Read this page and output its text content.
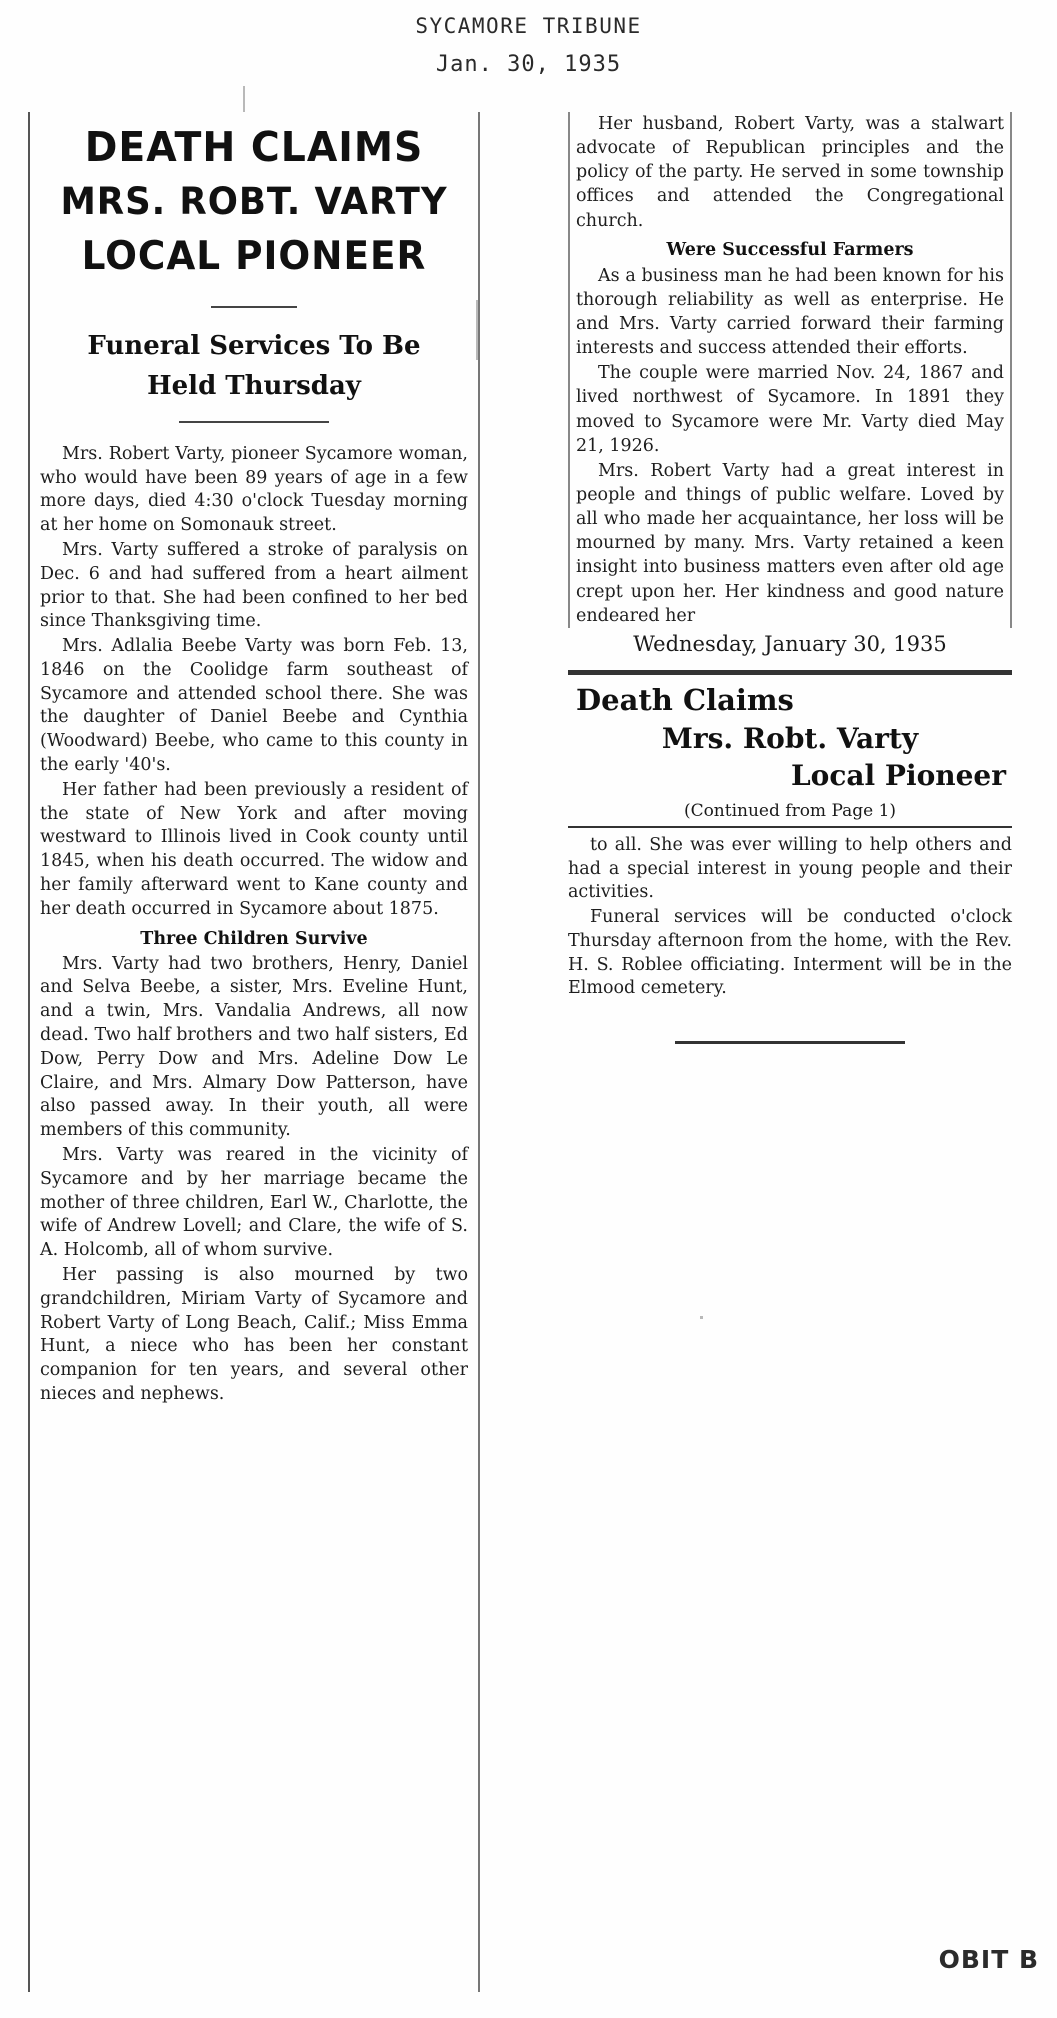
SYCAMORE TRIBUNE
Jan. 30, 1935
DEATH CLAIMS
MRS. ROBT. VARTY
LOCAL PIONEER
Funeral Services To Be
Held Thursday

Mrs. Robert Varty, pioneer Sycamore woman, who would have been 89 years of age in a few more days, died 4:30 o'clock Tuesday morning at her home on Somonauk street.

Mrs. Varty suffered a stroke of paralysis on Dec. 6 and had suffered from a heart ailment prior to that. She had been confined to her bed since Thanksgiving time.

Mrs. Adlalia Beebe Varty was born Feb. 13, 1846 on the Coolidge farm southeast of Sycamore and attended school there. She was the daughter of Daniel Beebe and Cynthia (Woodward) Beebe, who came to this county in the early '40's.

Her father had been previously a resident of the state of New York and after moving westward to Illinois lived in Cook county until 1845, when his death occurred. The widow and her family afterward went to Kane county and her death occurred in Sycamore about 1875.

Three Children Survive

Mrs. Varty had two brothers, Henry, Daniel and Selva Beebe, a sister, Mrs. Eveline Hunt, and a twin, Mrs. Vandalia Andrews, all now dead. Two half brothers and two half sisters, Ed Dow, Perry Dow and Mrs. Adeline Dow Le Claire, and Mrs. Almary Dow Patterson, have also passed away. In their youth, all were members of this community.

Mrs. Varty was reared in the vicinity of Sycamore and by her marriage became the mother of three children, Earl W., Charlotte, the wife of Andrew Lovell; and Clare, the wife of S. A. Holcomb, all of whom survive.

Her passing is also mourned by two grandchildren, Miriam Varty of Sycamore and Robert Varty of Long Beach, Calif.; Miss Emma Hunt, a niece who has been her constant companion for ten years, and several other nieces and nephews.

Her husband, Robert Varty, was a stalwart advocate of Republican principles and the policy of the party. He served in some township offices and attended the Congregational church.

Were Successful Farmers

As a business man he had been known for his thorough reliability as well as enterprise. He and Mrs. Varty carried forward their farming interests and success attended their efforts.

The couple were married Nov. 24, 1867 and lived northwest of Sycamore. In 1891 they moved to Sycamore were Mr. Varty died May 21, 1926.

Mrs. Robert Varty had a great interest in people and things of public welfare. Loved by all who made her acquaintance, her loss will be mourned by many. Mrs. Varty retained a keen insight into business matters even after old age crept upon her. Her kindness and good nature endeared her

Wednesday, January 30, 1935
Death Claims
Mrs. Robt. Varty
Local Pioneer
(Continued from Page 1)

to all. She was ever willing to help others and had a special interest in young people and their activities.

Funeral services will be conducted o'clock Thursday afternoon from the home, with the Rev. H. S. Roblee officiating. Interment will be in the Elmood cemetery.

OBIT B
